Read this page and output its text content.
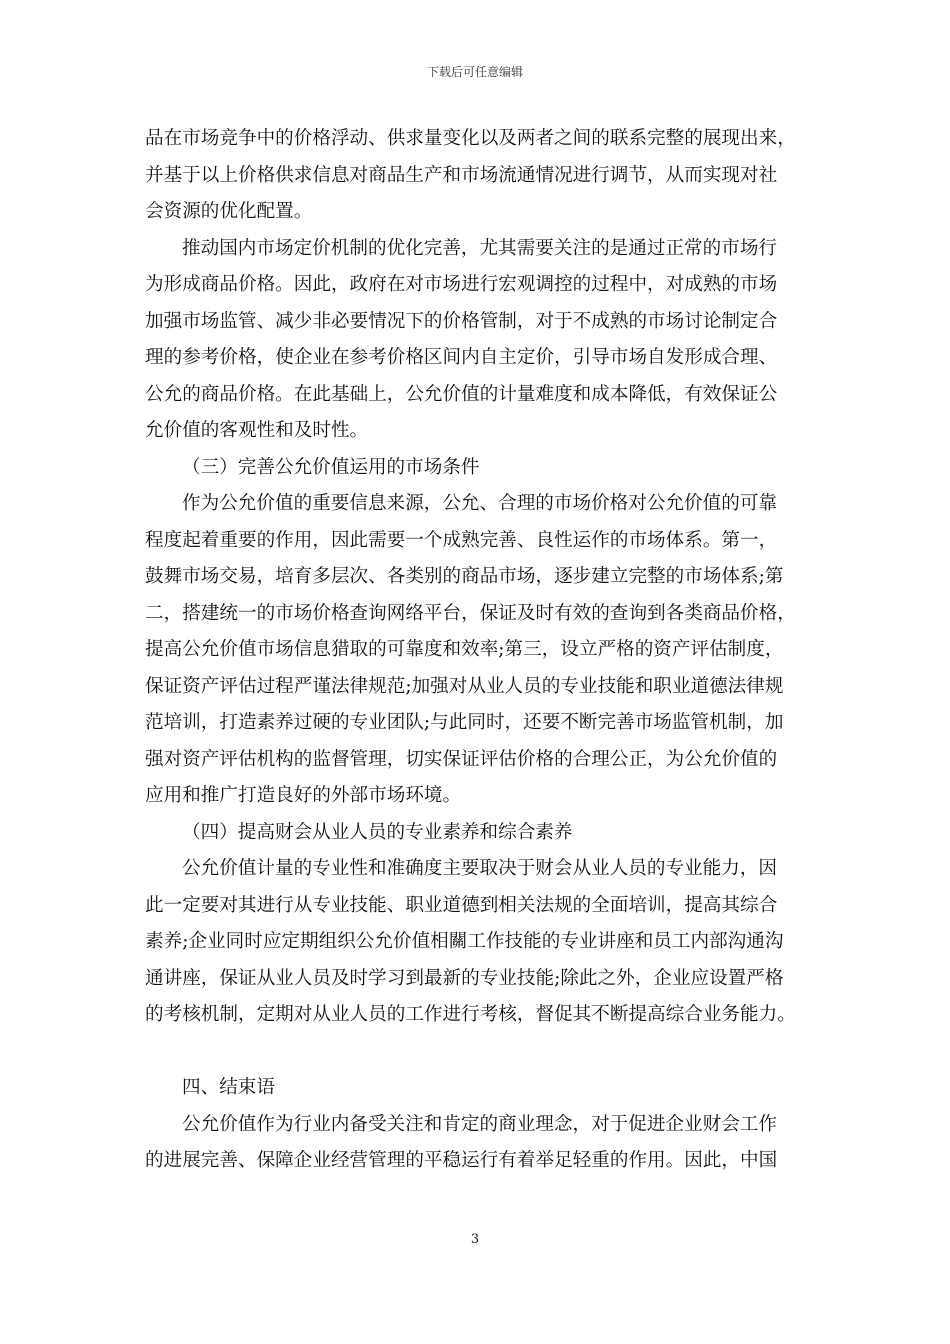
下载后可任意编辑
品在市场竞争中的价格浮动、供求量变化以及两者之间的联系完整的展现出来，
并基于以上价格供求信息对商品生产和市场流通情况进行调节，从而实现对社
会资源的优化配置。
推动国内市场定价机制的优化完善，尤其需要关注的是通过正常的市场行
为形成商品价格。因此，政府在对市场进行宏观调控的过程中，对成熟的市场
加强市场监管、减少非必要情况下的价格管制，对于不成熟的市场讨论制定合
理的参考价格，使企业在参考价格区间内自主定价，引导市场自发形成合理、
公允的商品价格。在此基础上，公允价值的计量难度和成本降低，有效保证公
允价值的客观性和及时性。
（三）完善公允价值运用的市场条件
作为公允价值的重要信息来源，公允、合理的市场价格对公允价值的可靠
程度起着重要的作用，因此需要一个成熟完善、良性运作的市场体系。第一，
鼓舞市场交易，培育多层次、各类别的商品市场，逐步建立完整的市场体系;第
二，搭建统一的市场价格查询网络平台，保证及时有效的查询到各类商品价格，
提高公允价值市场信息猎取的可靠度和效率;第三，设立严格的资产评估制度，
保证资产评估过程严谨法律规范;加强对从业人员的专业技能和职业道德法律规
范培训，打造素养过硬的专业团队;与此同时，还要不断完善市场监管机制，加
强对资产评估机构的监督管理，切实保证评估价格的合理公正，为公允价值的
应用和推广打造良好的外部市场环境。
（四）提高财会从业人员的专业素养和综合素养
公允价值计量的专业性和准确度主要取决于财会从业人员的专业能力，因
此一定要对其进行从专业技能、职业道德到相关法规的全面培训，提高其综合
素养;企业同时应定期组织公允价值相關工作技能的专业讲座和员工内部沟通沟
通讲座，保证从业人员及时学习到最新的专业技能;除此之外，企业应设置严格
的考核机制，定期对从业人员的工作进行考核，督促其不断提高综合业务能力。
四、结束语
公允价值作为行业内备受关注和肯定的商业理念，对于促进企业财会工作
的进展完善、保障企业经营管理的平稳运行有着举足轻重的作用。因此，中国
3
